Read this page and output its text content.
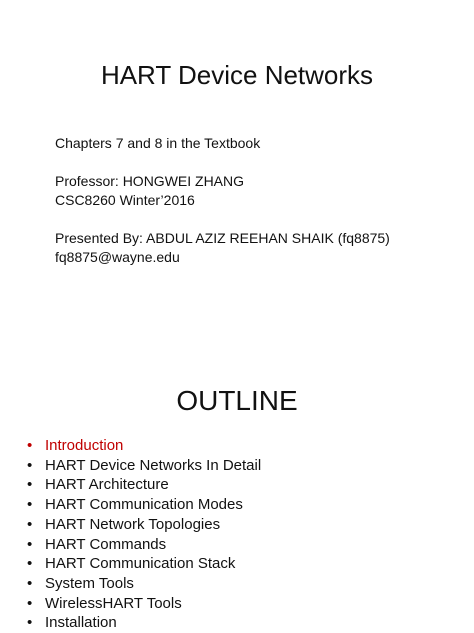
HART Device Networks
Chapters 7 and 8 in the Textbook
Professor: HONGWEI ZHANG
CSC8260 Winter’2016
Presented By: ABDUL AZIZ REEHAN SHAIK (fq8875)
fq8875@wayne.edu
OUTLINE
• Introduction
• HART Device Networks In Detail
• HART Architecture
• HART Communication Modes
• HART Network Topologies
• HART Commands
• HART Communication Stack
• System Tools
• WirelessHART Tools
• Installation
